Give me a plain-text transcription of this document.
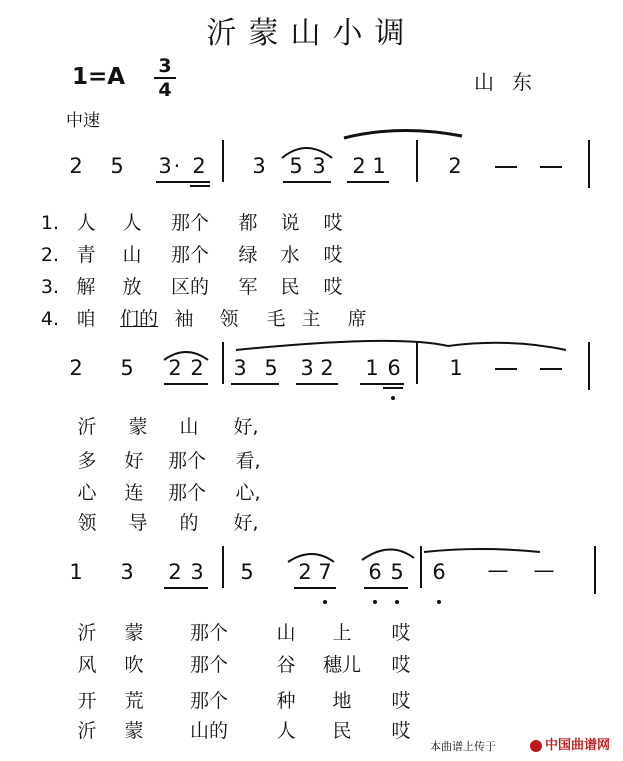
沂蒙山小调
1=A 3
4	山东
中速
2 5 3 · 2 3 5 3 2 1	2
2 5 2 2 3 5 3 2 1 6 1
1 3 2 3 5 2 7 6 5 6 — —
1. 人 人 那个 都 说 哎
2. 青 山 那个 绿 水 哎
3. 解 放 区的 军 民 哎
4. 咱 们的 袖 领 毛 主 席
沂 蒙 山 好,
多 好 那个 看,
心 连 那个 心,
领 导 的 好,
沂 蒙 那个	山 上 哎
风 吹 那个	谷 穗儿 哎
开 荒 那个	种 地 哎
沂 蒙 山的	人 民 哎
本曲谱上传于	中国曲谱网
